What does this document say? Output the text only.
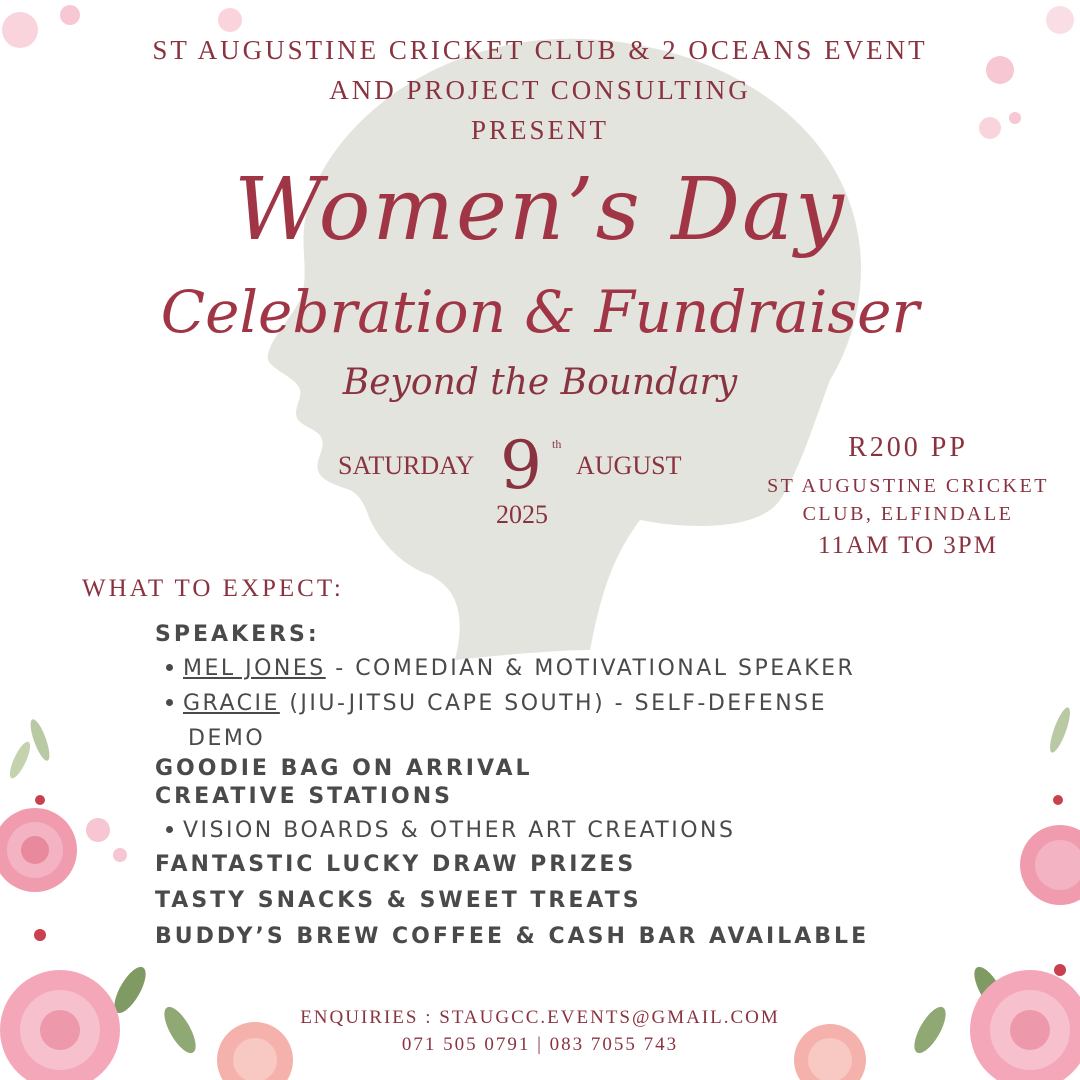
ST AUGUSTINE CRICKET CLUB & 2 OCEANS EVENT
AND PROJECT CONSULTING
PRESENT
Women’s Day
Celebration & Fundraiser
Beyond the Boundary
SATURDAY 9 th
AUGUST
2025
R200 PP
ST AUGUSTINE CRICKET
CLUB, ELFINDALE
11AM TO 3PM
WHAT TO EXPECT:
SPEAKERS:
MEL JONES - COMEDIAN & MOTIVATIONAL SPEAKER
GRACIE (JIU-JITSU CAPE SOUTH) - SELF-DEFENSE
DEMO
GOODIE BAG ON ARRIVAL
CREATIVE STATIONS
VISION BOARDS & OTHER ART CREATIONS
FANTASTIC LUCKY DRAW PRIZES
TASTY SNACKS & SWEET TREATS
BUDDY’S BREW COFFEE & CASH BAR AVAILABLE
ENQUIRIES : STAUGCC.EVENTS@GMAIL.COM
071 505 0791 | 083 7055 743
